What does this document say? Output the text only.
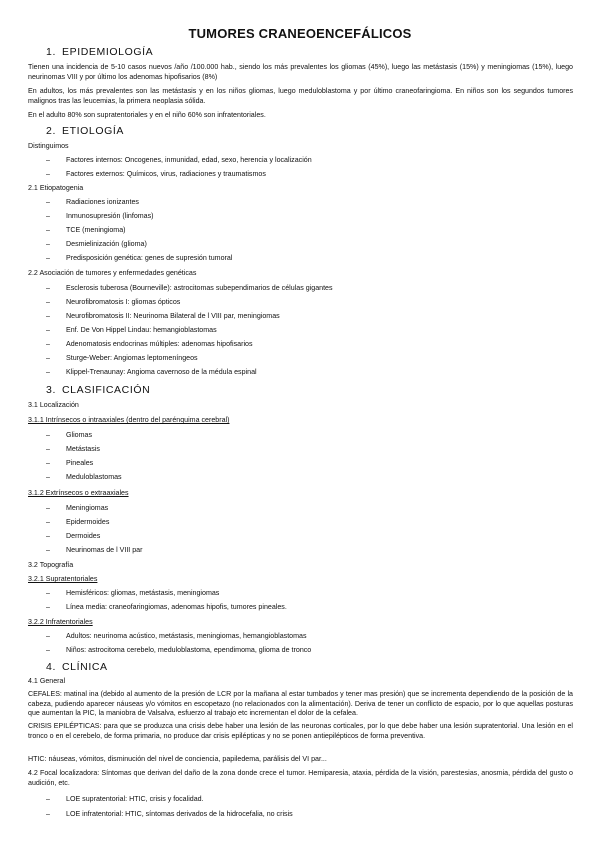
TUMORES CRANEOENCEFÁLICOS
1. EPIDEMIOLOGÍA
Tienen una incidencia de 5-10 casos nuevos /año /100.000 hab., siendo los más prevalentes los gliomas (45%), luego las metástasis (15%) y meningiomas (15%), luego neurinomas VIII y por último los adenomas hipofisarios (8%)
En adultos, los más prevalentes son las metástasis y en los niños gliomas, luego meduloblastoma y por último craneofaringioma. En niños son los segundos tumores malignos tras las leucemias, la primera neoplasia sólida.
En el adulto 80% son supratentoriales y en el niño 60% son infratentoriales.
2. ETIOLOGÍA
Distinguimos
– Factores internos: Oncogenes, inmunidad, edad, sexo, herencia y localización
– Factores externos: Químicos, virus, radiaciones y traumatismos
2.1 Etiopatogenia
– Radiaciones ionizantes
– Inmunosupresión (linfomas)
– TCE (meningioma)
– Desmielinización (glioma)
– Predisposición genética: genes de supresión tumoral
2.2 Asociación de tumores y enfermedades genéticas
– Esclerosis tuberosa (Bourneville): astrocitomas subependimarios de células gigantes
– Neurofibromatosis I: gliomas ópticos
– Neurofibromatosis II: Neurinoma Bilateral de l VIII par, meningiomas
– Enf. De Von Hippel Lindau: hemangioblastomas
– Adenomatosis endocrinas múltiples: adenomas hipofisarios
– Sturge-Weber: Angiomas leptomeníngeos
– Klippel-Trenaunay: Angioma cavernoso de la médula espinal
3. CLASIFICACIÓN
3.1 Localización
3.1.1 Intrínsecos o intraaxiales (dentro del parénquima cerebral)
– Gliomas
– Metástasis
– Pineales
– Meduloblastomas
3.1.2 Extrínsecos o extraaxiales
– Meningiomas
– Epidermoides
– Dermoides
– Neurinomas de l VIII par
3.2 Topografía
3.2.1 Supratentoriales
– Hemisféricos: gliomas, metástasis, meningiomas
– Línea media: craneofaringiomas, adenomas hipofis, tumores pineales.
3.2.2 Infratentoriales
– Adultos: neurinoma acústico, metástasis, meningiomas, hemangioblastomas
– Niños: astrocitoma cerebelo, meduloblastoma, ependimoma, glioma de tronco
4. CLÍNICA
4.1 General
CEFALES: matinal ina (debido al aumento de la presión de LCR por la mañana al estar tumbados y tener mas presión) que se incrementa dependiendo de la posición de la cabeza, pudiendo aparecer náuseas y/o vómitos en escopetazo (no relacionados con la alimentación). Deriva de tener un conflicto de espacio, por lo que aquellas posturas que aumentan la PIC, la maniobra de Valsalva, esfuerzo al trabajo etc incrementan el dolor de la cefalea.
CRISIS EPILÉPTICAS: para que se produzca una crisis debe haber una lesión de las neuronas corticales, por lo que debe haber una lesión supratentorial. Una lesión en el tronco o en el cerebelo, de forma primaria, no produce dar crisis epilépticas y no se ponen antiepilépticos de forma preventiva.
HTIC: náuseas, vómitos, disminución del nivel de conciencia, papiledema, parálisis del VI par...
4.2 Focal localizadora: Síntomas que derivan del daño de la zona donde crece el tumor. Hemiparesia, ataxia, pérdida de la visión, parestesias, anosmia, pérdida del gusto o audición, etc.
– LOE supratentorial: HTIC, crisis y focalidad.
– LOE infratentorial: HTIC, síntomas derivados de la hidrocefalia, no crisis
